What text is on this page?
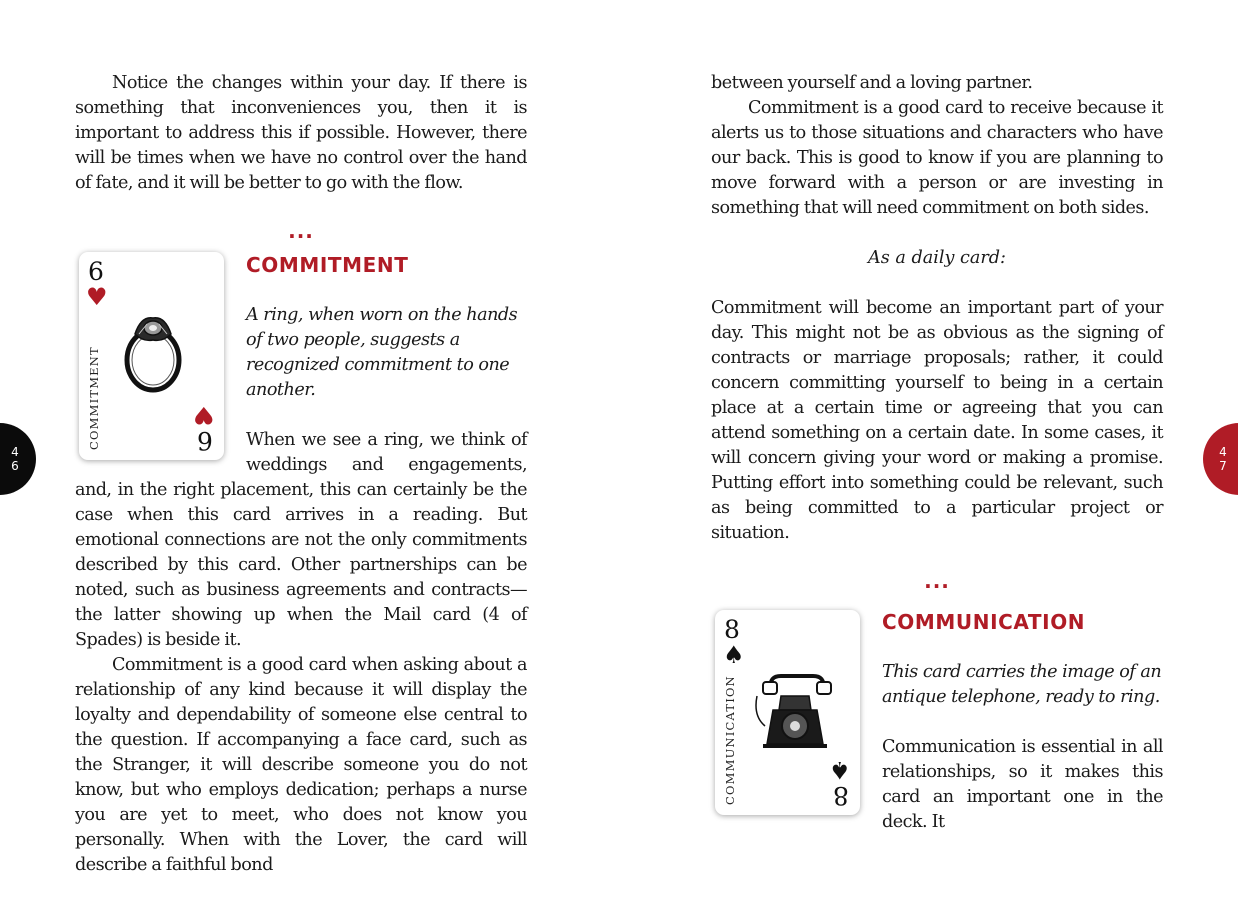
Notice the changes within your day. If there is something that inconveniences you, then it is important to address this if possible. However, there will be times when we have no control over the hand of fate, and it will be better to go with the flow.

...
6
♥
COMMITMENT	♥
6
COMMITMENT

A ring, when worn on the hands of two people, suggests a recognized commitment to one another.

When we see a ring, we think of weddings and engagements, and, in the right placement, this can certainly be the case when this card arrives in a reading. But emotional connections are not the only commitments described by this card. Other partnerships can be noted, such as business agreements and contracts—the latter showing up when the Mail card (4 of Spades) is beside it.

Commitment is a good card when asking about a relationship of any kind because it will display the loyalty and dependability of someone else central to the question. If accompanying a face card, such as the Stranger, it will describe someone you do not know, but who employs dedication; perhaps a nurse you are yet to meet, who does not know you personally. When with the Lover, the card will describe a faithful bond

between yourself and a loving partner.

Commitment is a good card to receive because it alerts us to those situations and characters who have our back. This is good to know if you are planning to move forward with a person or are investing in something that will need commitment on both sides.

As a daily card:

Commitment will become an important part of your day. This might not be as obvious as the signing of contracts or marriage proposals; rather, it could concern committing yourself to being in a certain place at a certain time or agreeing that you can attend something on a certain date. In some cases, it will concern giving your word or making a promise. Putting effort into something could be relevant, such as being committed to a particular project or situation.

...
8
♠
COMMUNICATION	♠
8
COMMUNICATION

This card carries the image of an antique telephone, ready to ring.

Communication is essential in all relationships, so it makes this card an important one in the deck. It

4
6
4
7
